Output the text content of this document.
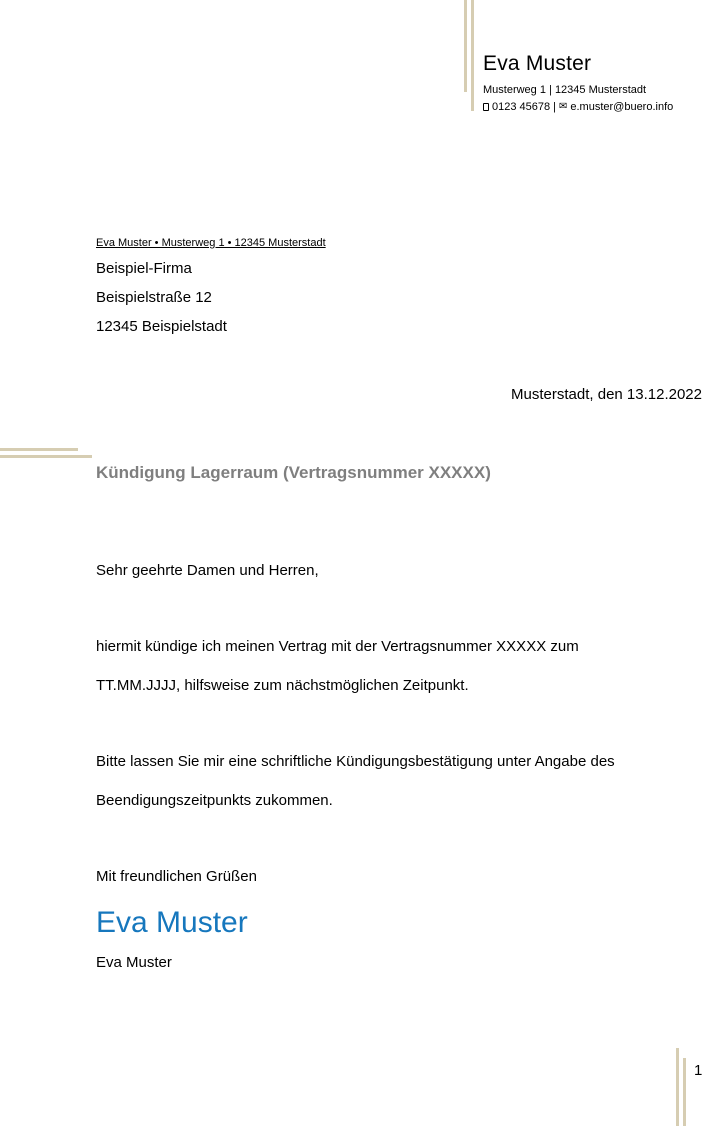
Eva Muster
Musterweg 1 | 12345 Musterstadt
0123 45678 | ✉ e.muster@buero.info
Eva Muster • Musterweg 1 • 12345 Musterstadt
Beispiel-Firma
Beispielstraße 12
12345 Beispielstadt
Musterstadt, den 13.12.2022
Kündigung Lagerraum (Vertragsnummer XXXXX)
Sehr geehrte Damen und Herren,
hiermit kündige ich meinen Vertrag mit der Vertragsnummer XXXXX zum
TT.MM.JJJJ, hilfsweise zum nächstmöglichen Zeitpunkt.
Bitte lassen Sie mir eine schriftliche Kündigungsbestätigung unter Angabe des
Beendigungszeitpunkts zukommen.
Mit freundlichen Grüßen
Eva Muster
Eva Muster
1
